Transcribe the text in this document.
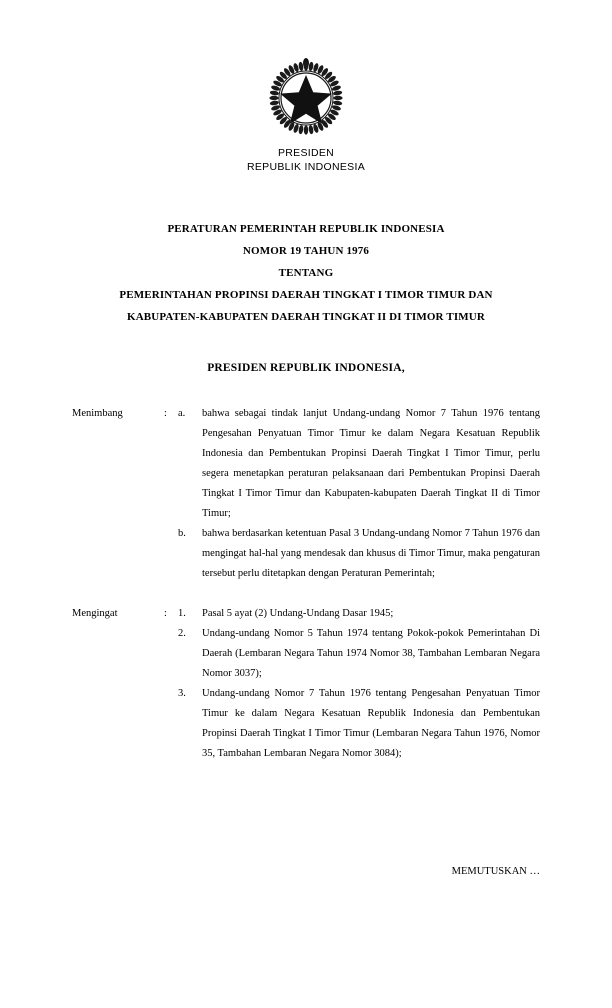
PRESIDEN
REPUBLIK INDONESIA
PERATURAN PEMERINTAH REPUBLIK INDONESIA
NOMOR 19 TAHUN 1976
TENTANG
PEMERINTAHAN PROPINSI DAERAH TINGKAT I TIMOR TIMUR DAN
KABUPATEN-KABUPATEN DAERAH TINGKAT II DI TIMOR TIMUR
PRESIDEN REPUBLIK INDONESIA,
Menimbang	:	a.	bahwa sebagai tindak lanjut Undang-undang Nomor 7 Tahun 1976 tentang Pengesahan Penyatuan Timor Timur ke dalam Negara Kesatuan Republik Indonesia dan Pembentukan Propinsi Daerah Tingkat I Timor Timur, perlu segera menetapkan peraturan pelaksanaan dari Pembentukan Propinsi Daerah Tingkat I Timor Timur dan Kabupaten-kabupaten Daerah Tingkat II di Timor Timur;
b.	bahwa berdasarkan ketentuan Pasal 3 Undang-undang Nomor 7 Tahun 1976 dan mengingat hal-hal yang mendesak dan khusus di Timor Timur, maka pengaturan tersebut perlu ditetapkan dengan Peraturan Pemerintah;
Mengingat	:	1.	Pasal 5 ayat (2) Undang-Undang Dasar 1945;
2.	Undang-undang Nomor 5 Tahun 1974 tentang Pokok-pokok Pemerintahan Di Daerah (Lembaran Negara Tahun 1974 Nomor 38, Tambahan Lembaran Negara Nomor 3037);
3.	Undang-undang Nomor 7 Tahun 1976 tentang Pengesahan Penyatuan Timor Timur ke dalam Negara Kesatuan Republik Indonesia dan Pembentukan Propinsi Daerah Tingkat I Timor Timur (Lembaran Negara Tahun 1976, Nomor 35, Tambahan Lembaran Negara Nomor 3084);
MEMUTUSKAN …
